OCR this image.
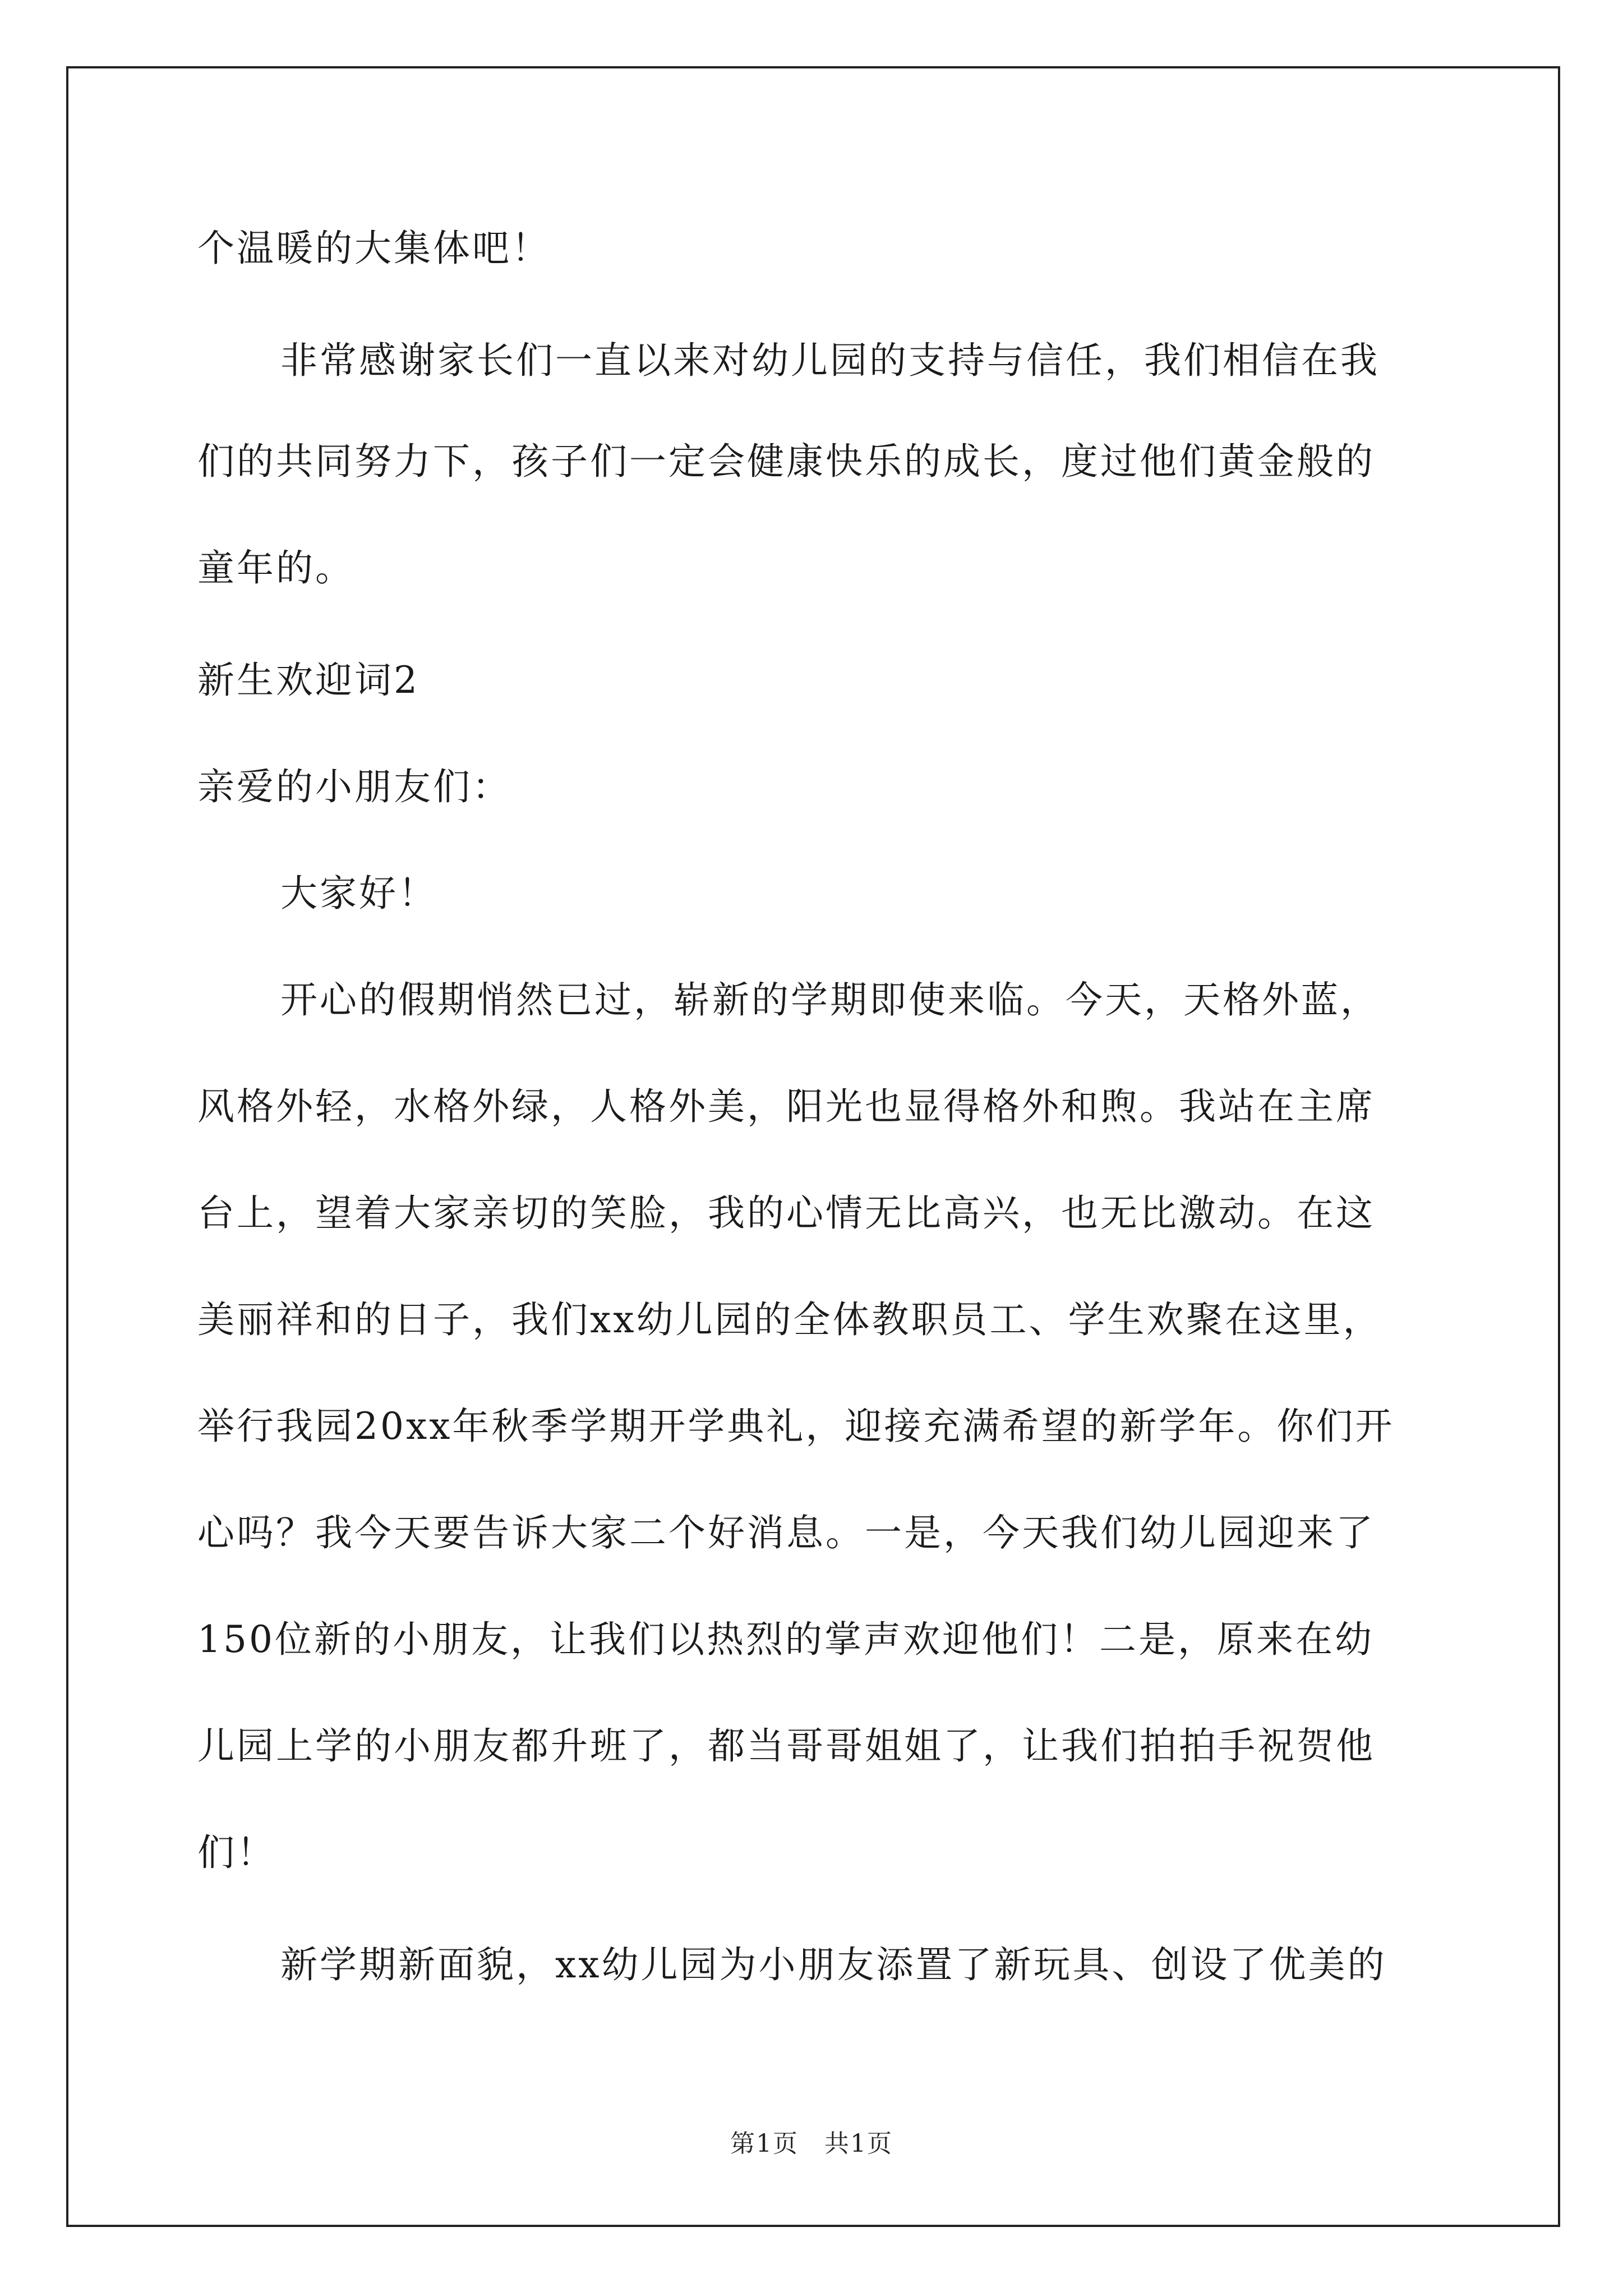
个温暖的大集体吧！
非常感谢家长们一直以来对幼儿园的支持与信任，我们相信在我
们的共同努力下，孩子们一定会健康快乐的成长，度过他们黄金般的
童年的。
新生欢迎词2
亲爱的小朋友们：
大家好！
开心的假期悄然已过，崭新的学期即使来临。今天，天格外蓝，
风格外轻，水格外绿，人格外美，阳光也显得格外和煦。我站在主席
台上，望着大家亲切的笑脸，我的心情无比高兴，也无比激动。在这
美丽祥和的日子，我们xx幼儿园的全体教职员工、学生欢聚在这里，
举行我园20xx年秋季学期开学典礼，迎接充满希望的新学年。你们开
心吗？我今天要告诉大家二个好消息。一是，今天我们幼儿园迎来了
150位新的小朋友，让我们以热烈的掌声欢迎他们！二是，原来在幼
儿园上学的小朋友都升班了，都当哥哥姐姐了，让我们拍拍手祝贺他
们！
新学期新面貌，xx幼儿园为小朋友添置了新玩具、创设了优美的
第1页　共1页
